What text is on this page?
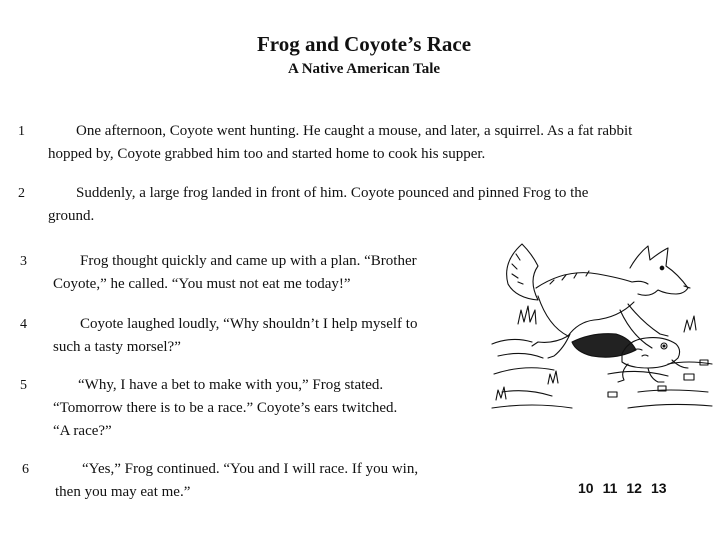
Frog and Coyote’s Race
A Native American Tale
1	One afternoon, Coyote went hunting. He caught a mouse, and later, a squirrel. As a fat rabbit
hopped by, Coyote grabbed him too and started home to cook his supper.
2	Suddenly, a large frog landed in front of him. Coyote pounced and pinned Frog to the
ground.
3	Frog thought quickly and came up with a plan. “Brother
Coyote,” he called. “You must not eat me today!”
4	Coyote laughed loudly, “Why shouldn’t I help myself to
such a tasty morsel?”
5	“Why, I have a bet to make with you,” Frog stated.
“Tomorrow there is to be a race.” Coyote’s ears twitched.
“A race?”
6	“Yes,” Frog continued. “You and I will race. If you win,
then you may eat me.”	10 11 12 13
